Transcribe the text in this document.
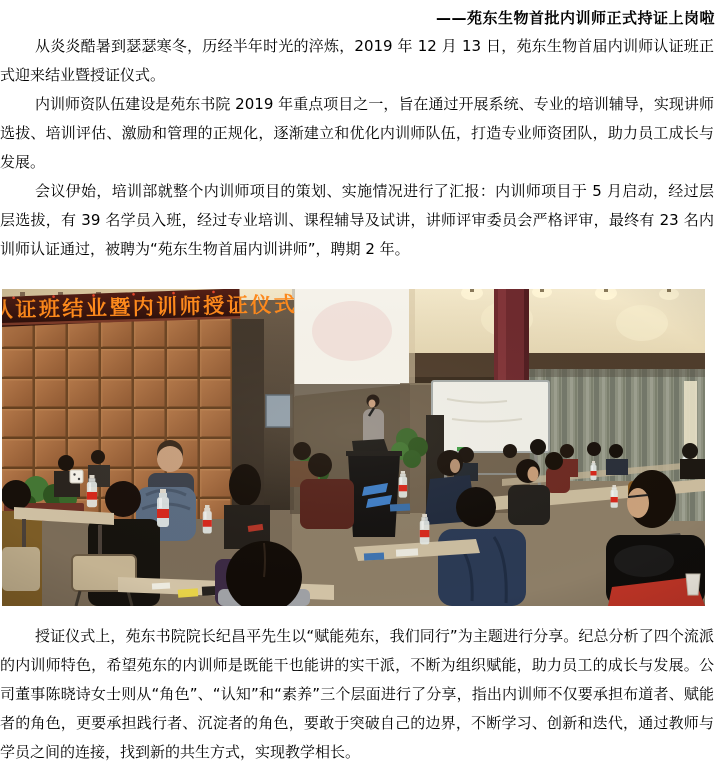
——苑东生物首批内训师正式持证上岗啦

从炎炎酷暑到瑟瑟寒冬，历经半年时光的淬炼，2019 年 12 月 13 日，苑东生物首届内训师认证班正式迎来结业暨授证仪式。

内训师资队伍建设是苑东书院 2019 年重点项目之一，旨在通过开展系统、专业的培训辅导，实现讲师选拔、培训评估、激励和管理的正规化，逐渐建立和优化内训师队伍，打造专业师资团队，助力员工成长与发展。

会议伊始，培训部就整个内训师项目的策划、实施情况进行了汇报：内训师项目于 5 月启动，经过层层选拔，有 39 名学员入班，经过专业培训、课程辅导及试讲，讲师评审委员会严格评审，最终有 23 名内训师认证通过，被聘为“苑东生物首届内训讲师”，聘期 2 年。

授证仪式上，苑东书院院长纪昌平先生以“赋能苑东，我们同行”为主题进行分享。纪总分析了四个流派的内训师特色，希望苑东的内训师是既能干也能讲的实干派，不断为组织赋能，助力员工的成长与发展。公司董事陈晓诗女士则从“角色”、“认知”和“素养”三个层面进行了分享，指出内训师不仅要承担布道者、赋能者的角色，更要承担践行者、沉淀者的角色，要敢于突破自己的边界，不断学习、创新和迭代，通过教师与学员之间的连接，找到新的共生方式，实现教学相长。
